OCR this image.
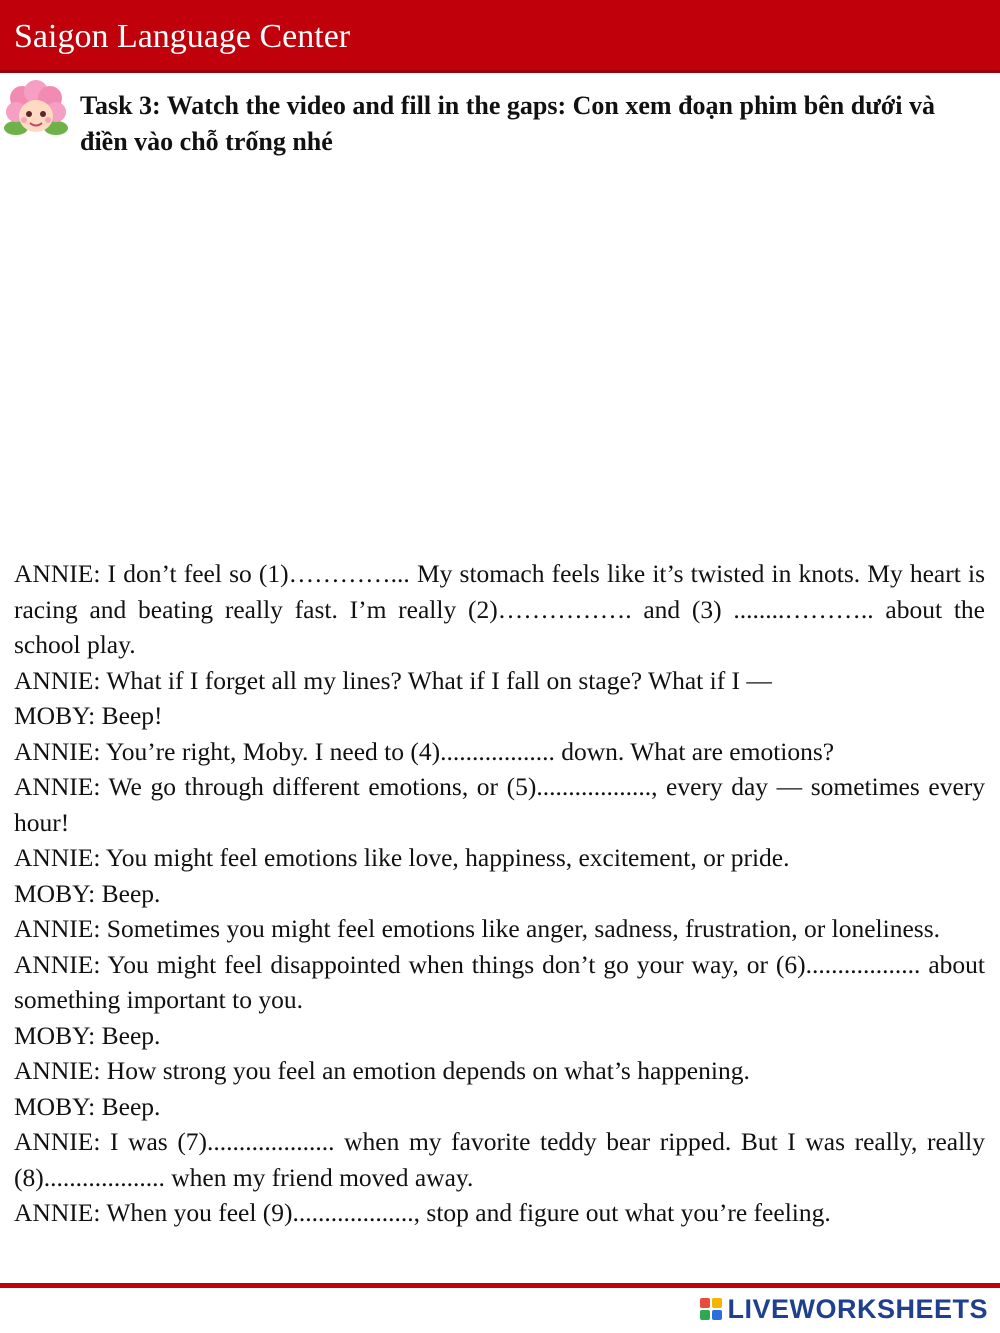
Saigon Language Center
Task 3: Watch the video and fill in the gaps: Con xem đoạn phim bên dưới và điền vào chỗ trống nhé

ANNIE: I don’t feel so (1)…………... My stomach feels like it’s twisted in knots. My heart is racing and beating really fast. I’m really (2)……………. and (3) ........……….. about the school play.

ANNIE: What if I forget all my lines? What if I fall on stage? What if I —

MOBY: Beep!

ANNIE: You’re right, Moby. I need to (4).................. down. What are emotions?

ANNIE: We go through different emotions, or (5).................., every day — sometimes every hour!

ANNIE: You might feel emotions like love, happiness, excitement, or pride.

MOBY: Beep.

ANNIE: Sometimes you might feel emotions like anger, sadness, frustration, or loneliness.

ANNIE: You might feel disappointed when things don’t go your way, or (6).................. about something important to you.

MOBY: Beep.

ANNIE: How strong you feel an emotion depends on what’s happening.

MOBY: Beep.

ANNIE: I was (7).................... when my favorite teddy bear ripped. But I was really, really (8)................... when my friend moved away.

ANNIE: When you feel (9)..................., stop and figure out what you’re feeling.

LIVEWORKSHEETS
